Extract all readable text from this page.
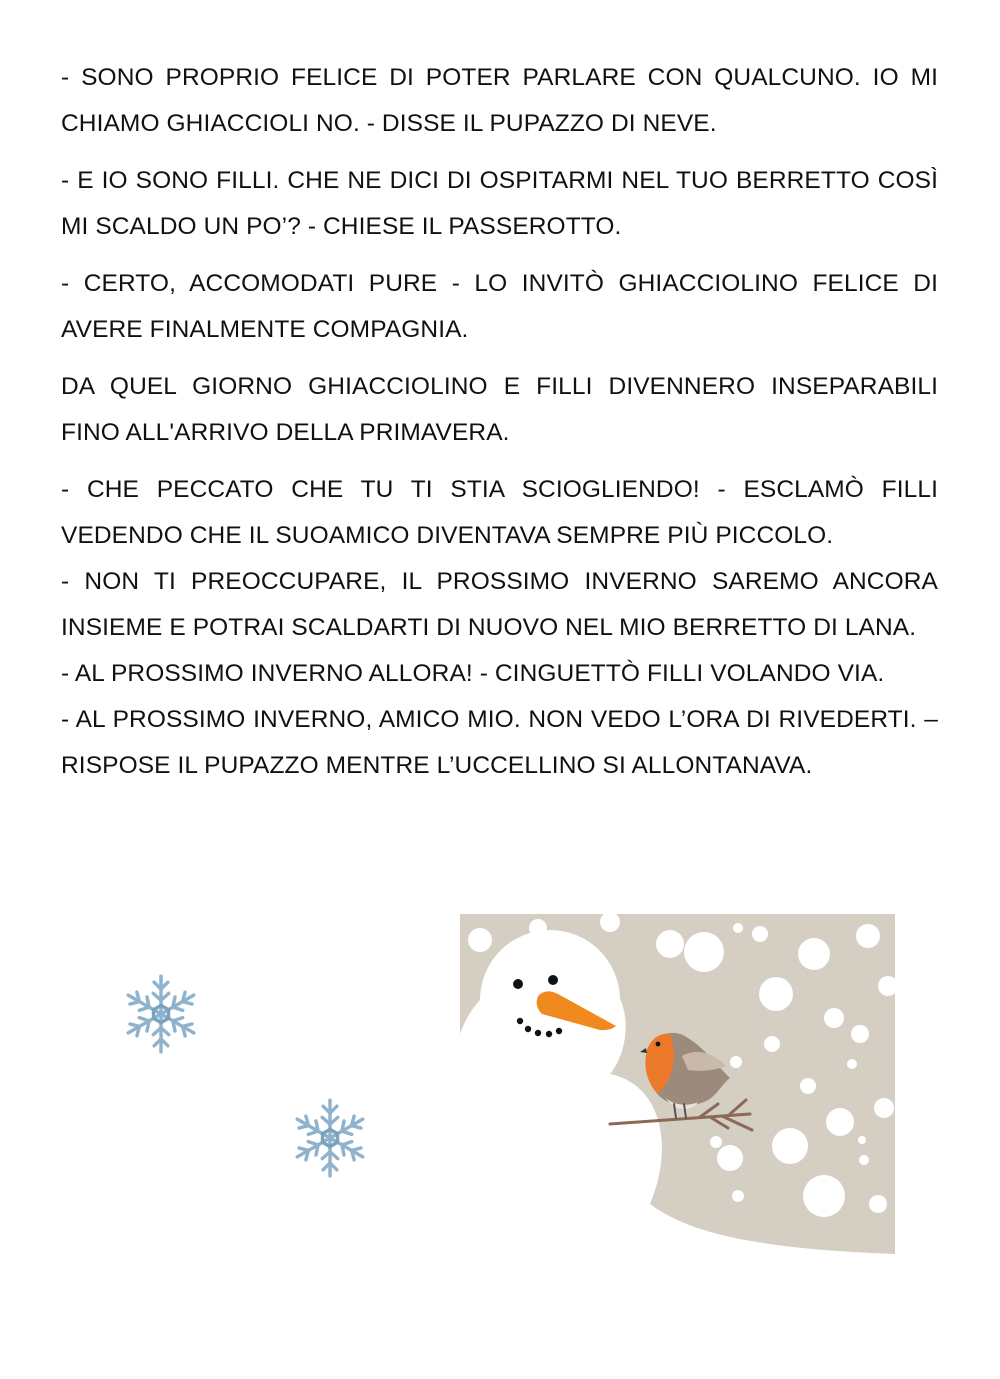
- SONO PROPRIO FELICE DI POTER PARLARE CON QUALCUNO. IO MI CHIAMO GHIACCIOLI NO. - DISSE IL PUPAZZO DI NEVE.

- E IO SONO FILLI. CHE NE DICI DI OSPITARMI NEL TUO BERRETTO COSÌ MI SCALDO UN PO’? - CHIESE IL PASSEROTTO.

- CERTO, ACCOMODATI PURE - LO INVITÒ GHIACCIOLINO FELICE DI AVERE FINALMENTE COMPAGNIA.

DA QUEL GIORNO GHIACCIOLINO E FILLI DIVENNERO INSEPARABILI FINO ALL'ARRIVO DELLA PRIMAVERA.

- CHE PECCATO CHE TU TI STIA SCIOGLIENDO! - ESCLAMÒ FILLI VEDENDO CHE IL SUOAMICO DIVENTAVA SEMPRE PIÙ PICCOLO.

- NON TI PREOCCUPARE, IL PROSSIMO INVERNO SAREMO ANCORA INSIEME E POTRAI SCALDARTI DI NUOVO NEL MIO BERRETTO DI LANA.

- AL PROSSIMO INVERNO ALLORA! - CINGUETTÒ FILLI VOLANDO VIA.

- AL PROSSIMO INVERNO, AMICO MIO. NON VEDO L’ORA DI RIVEDERTI. – RISPOSE IL PUPAZZO MENTRE L’UCCELLINO SI ALLONTANAVA.
